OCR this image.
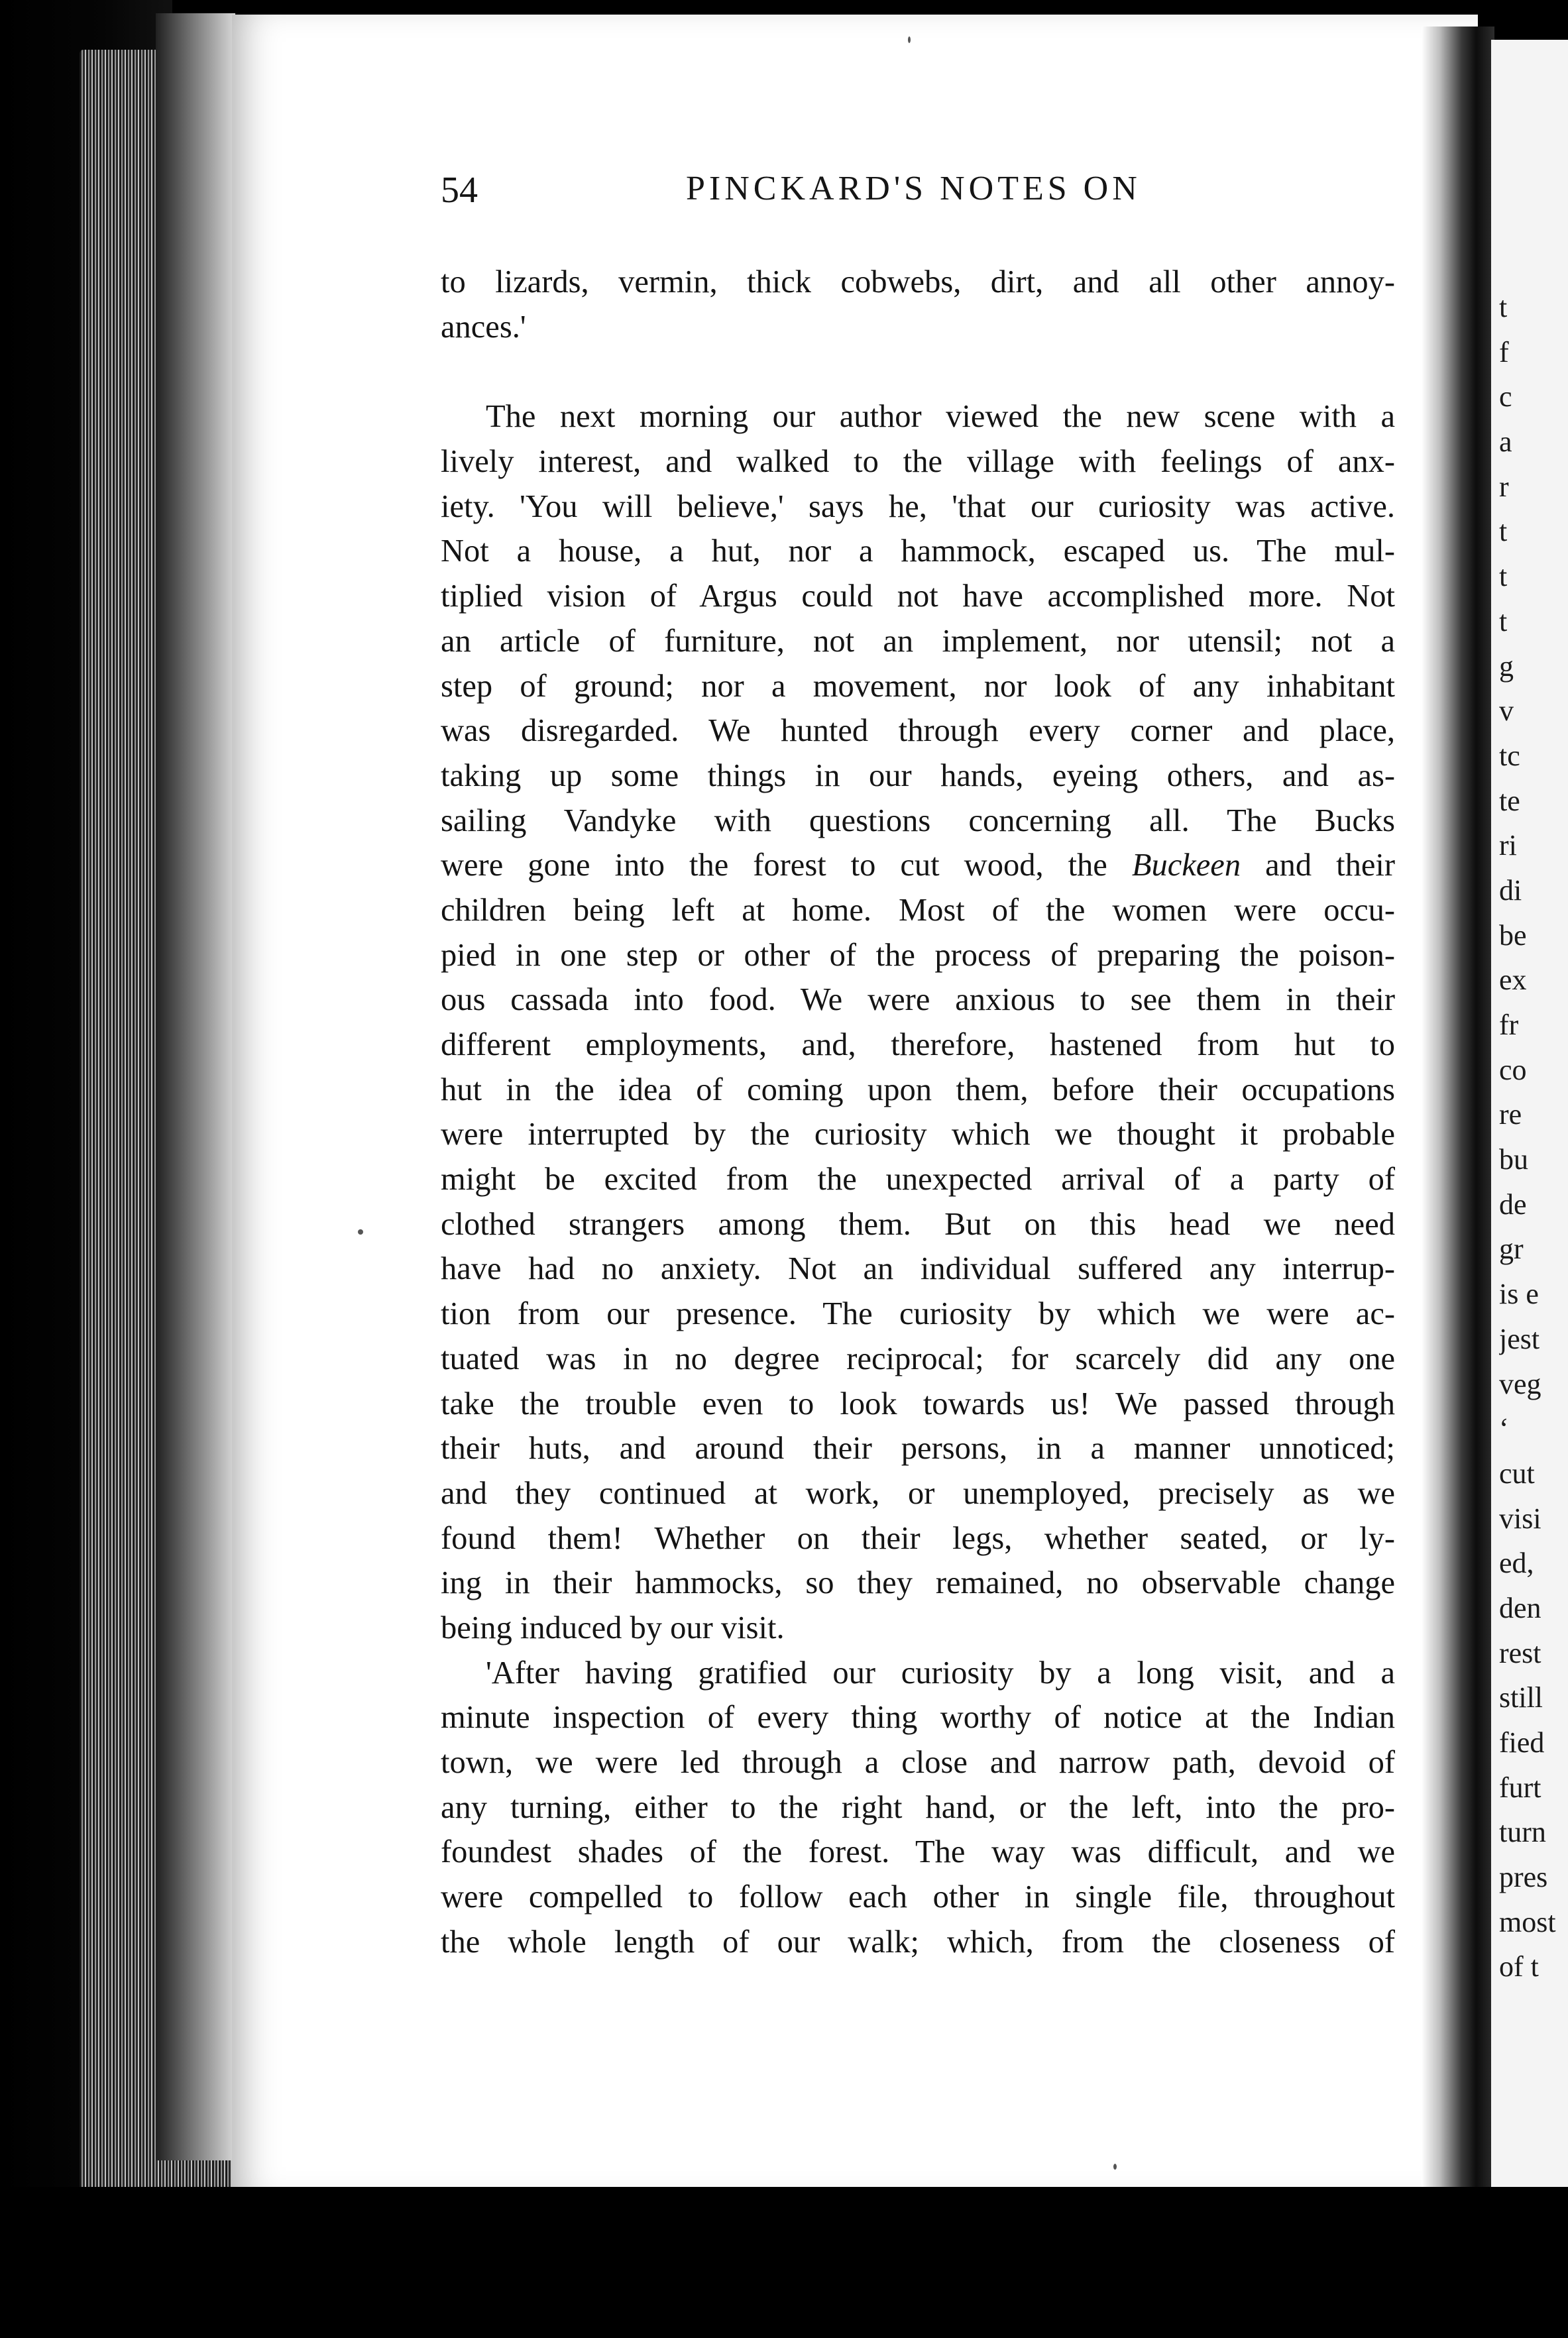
54	PINCKARD'S NOTES ON
to lizards, vermin, thick cobwebs, dirt, and all other annoy-
ances.'
The next morning our author viewed the new scene with a
lively interest, and walked to the village with feelings of anx-
iety. 'You will believe,' says he, 'that our curiosity was active.
Not a house, a hut, nor a hammock, escaped us. The mul-
tiplied vision of Argus could not have accomplished more. Not
an article of furniture, not an implement, nor utensil; not a
step of ground; nor a movement, nor look of any inhabitant
was disregarded. We hunted through every corner and place,
taking up some things in our hands, eyeing others, and as-
sailing Vandyke with questions concerning all. The Bucks
were gone into the forest to cut wood, the Buckeen and their
children being left at home. Most of the women were occu-
pied in one step or other of the process of preparing the poison-
ous cassada into food. We were anxious to see them in their
different employments, and, therefore, hastened from hut to
hut in the idea of coming upon them, before their occupations
were interrupted by the curiosity which we thought it probable
might be excited from the unexpected arrival of a party of
clothed strangers among them. But on this head we need
have had no anxiety. Not an individual suffered any interrup-
tion from our presence. The curiosity by which we were ac-
tuated was in no degree reciprocal; for scarcely did any one
take the trouble even to look towards us! We passed through
their huts, and around their persons, in a manner unnoticed;
and they continued at work, or unemployed, precisely as we
found them! Whether on their legs, whether seated, or ly-
ing in their hammocks, so they remained, no observable change
being induced by our visit.
'After having gratified our curiosity by a long visit, and a
minute inspection of every thing worthy of notice at the Indian
town, we were led through a close and narrow path, devoid of
any turning, either to the right hand, or the left, into the pro-
foundest shades of the forest. The way was difficult, and we
were compelled to follow each other in single file, throughout
the whole length of our walk; which, from the closeness of
t
f
c
a
r
t
t
t
g
v
tc
te
ri
di
be
ex
fr
co
re
bu
de
gr
is e
jest
veg
‘
cut
visi
ed,
den
rest
still
fied
furt
turn
pres
most
of t
